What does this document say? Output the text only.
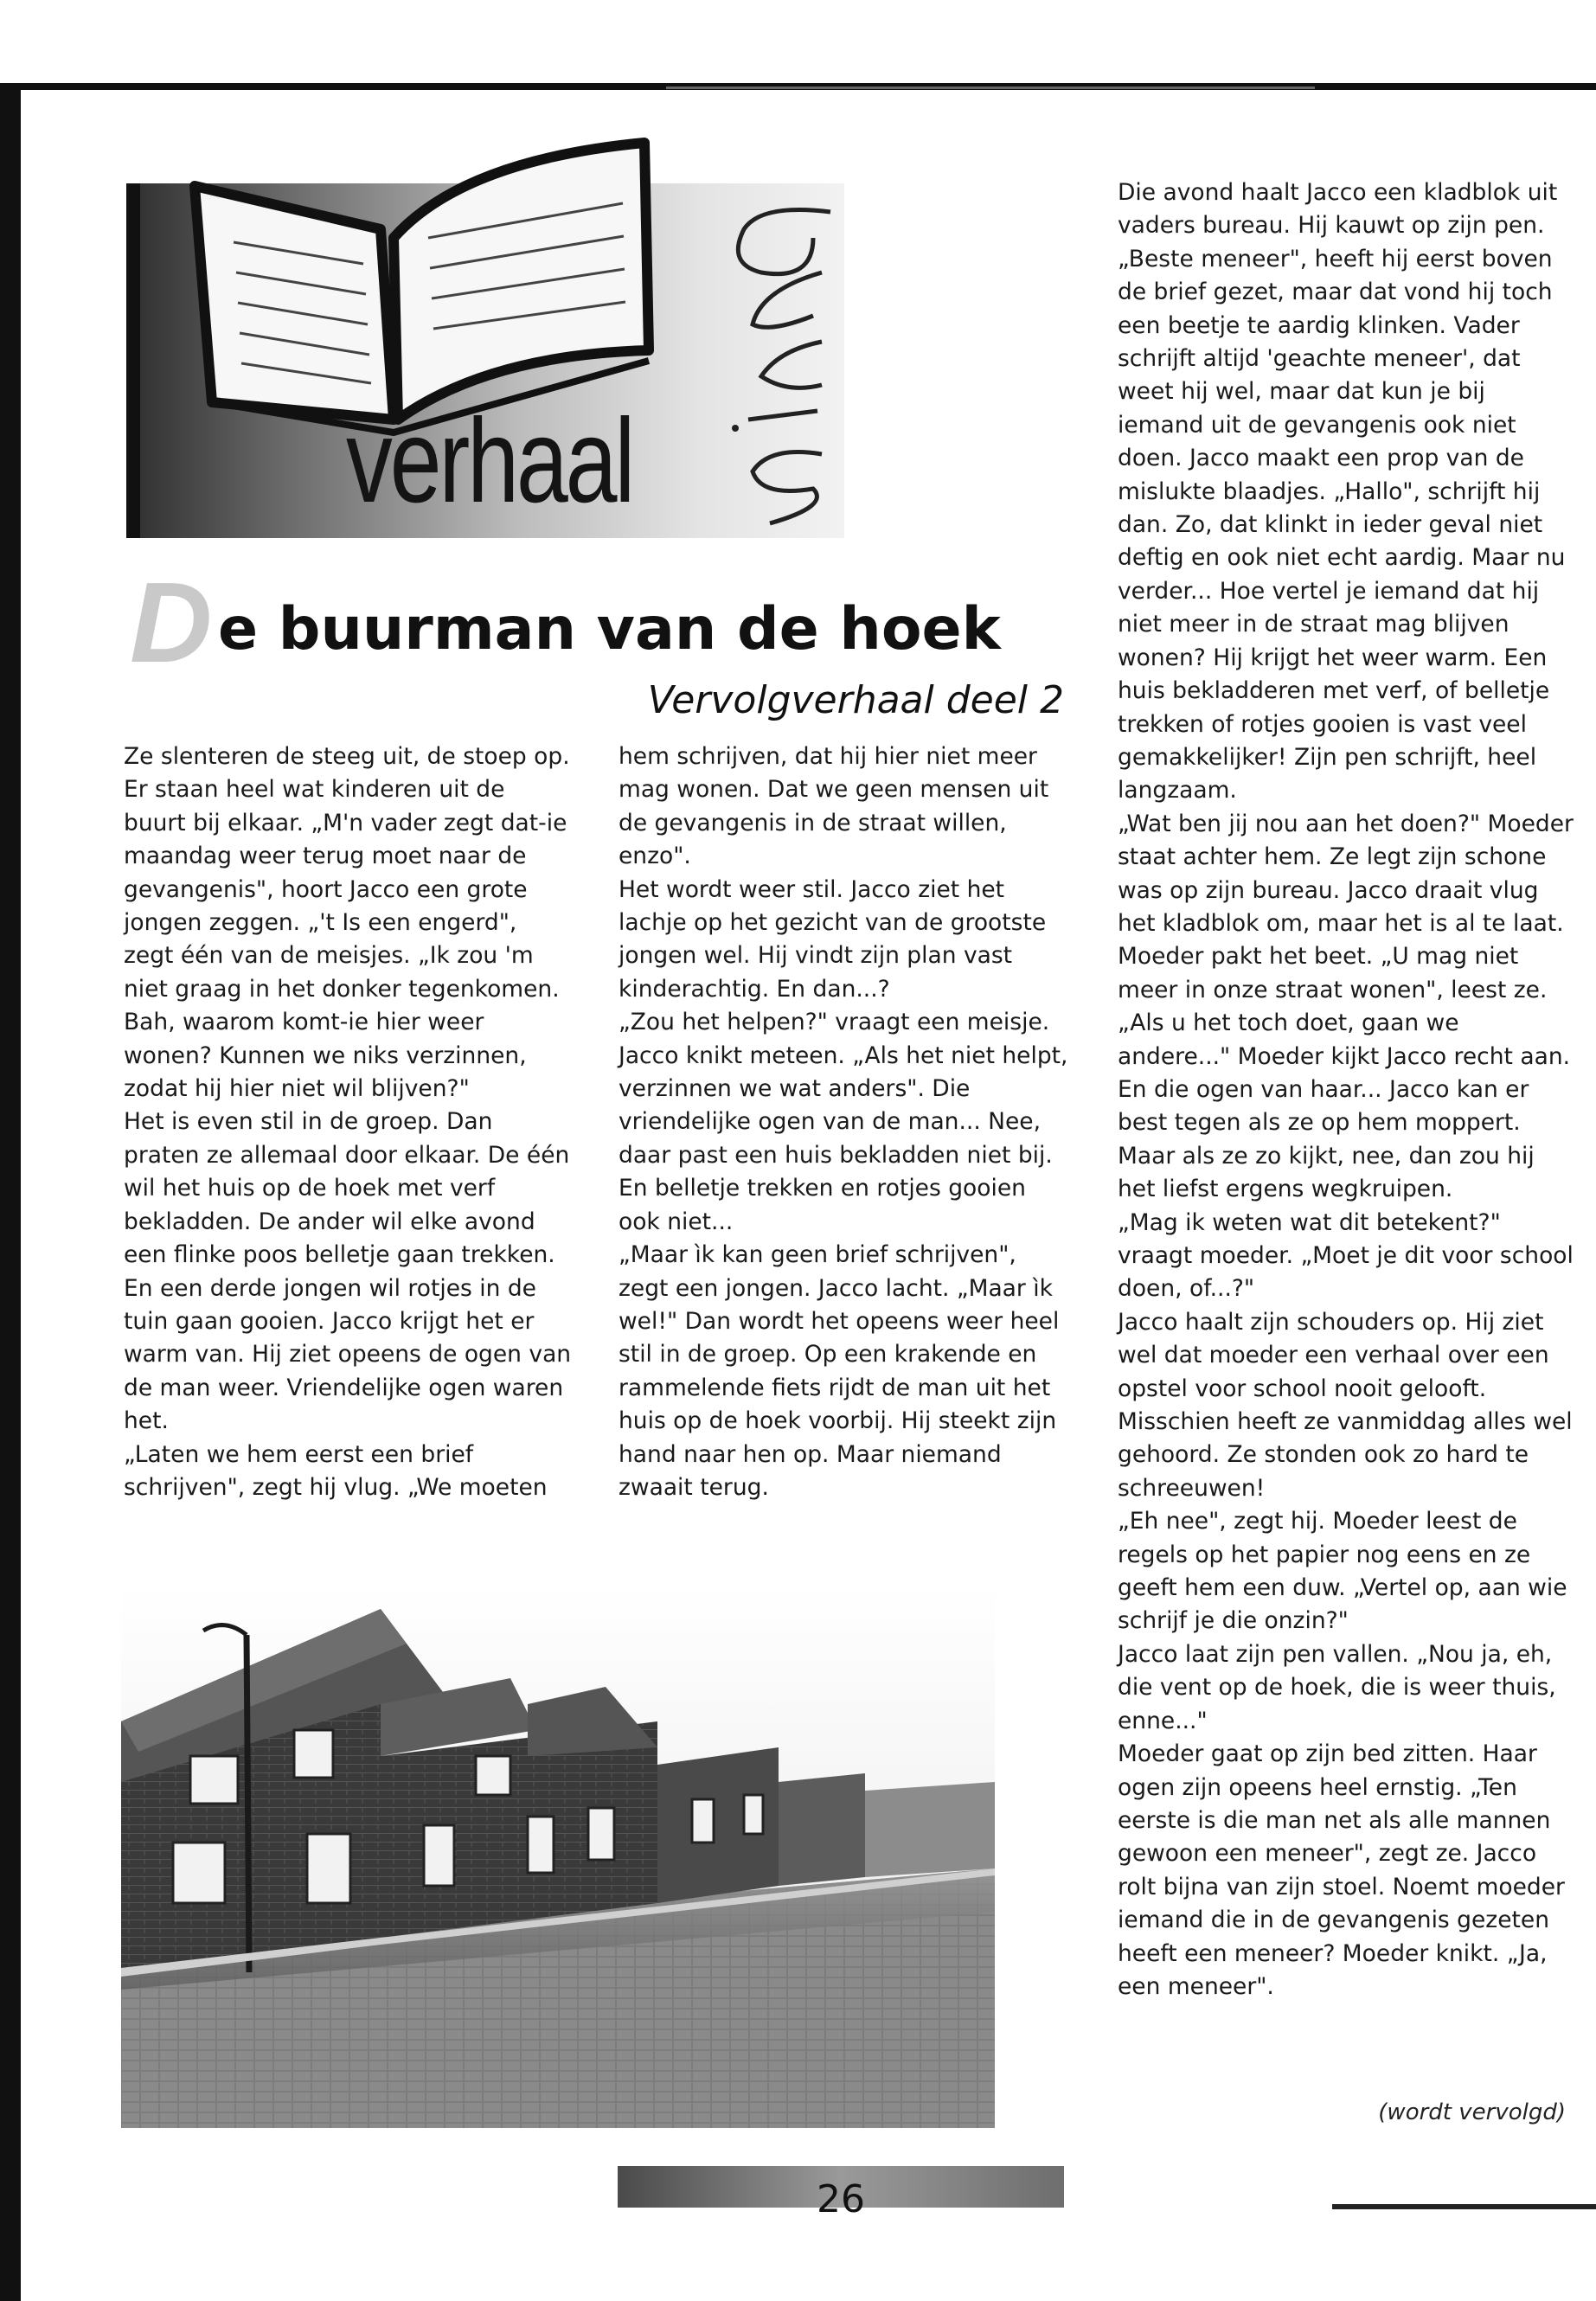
verhaal
D e buurman van de hoek
Vervolgverhaal deel 2

Ze slenteren de steeg uit, de stoep op. Er staan heel wat kinderen uit de buurt bij elkaar. „M'n vader zegt dat-ie maandag weer terug moet naar de gevangenis", hoort Jacco een grote jongen zeggen. „'t Is een engerd", zegt één van de meisjes. „Ik zou 'm niet graag in het donker tegenkomen. Bah, waarom komt-ie hier weer wonen? Kunnen we niks verzinnen, zodat hij hier niet wil blijven?"

Het is even stil in de groep. Dan praten ze allemaal door elkaar. De één wil het huis op de hoek met verf bekladden. De ander wil elke avond een flinke poos belletje gaan trekken. En een derde jongen wil rotjes in de tuin gaan gooien. Jacco krijgt het er warm van. Hij ziet opeens de ogen van de man weer. Vriendelijke ogen waren het.

„Laten we hem eerst een brief schrijven", zegt hij vlug. „We moeten

hem schrijven, dat hij hier niet meer mag wonen. Dat we geen mensen uit de gevangenis in de straat willen, enzo".

Het wordt weer stil. Jacco ziet het lachje op het gezicht van de grootste jongen wel. Hij vindt zijn plan vast kinderachtig. En dan...?

„Zou het helpen?" vraagt een meisje.

Jacco knikt meteen. „Als het niet helpt, verzinnen we wat anders". Die vriendelijke ogen van de man... Nee, daar past een huis bekladden niet bij. En belletje trekken en rotjes gooien ook niet...

„Maar ìk kan geen brief schrijven", zegt een jongen. Jacco lacht. „Maar ìk wel!" Dan wordt het opeens weer heel stil in de groep. Op een krakende en rammelende fiets rijdt de man uit het huis op de hoek voorbij. Hij steekt zijn hand naar hen op. Maar niemand zwaait terug.

Die avond haalt Jacco een kladblok uit vaders bureau. Hij kauwt op zijn pen. „Beste meneer", heeft hij eerst boven de brief gezet, maar dat vond hij toch een beetje te aardig klinken. Vader schrijft altijd 'geachte meneer', dat weet hij wel, maar dat kun je bij iemand uit de gevangenis ook niet doen. Jacco maakt een prop van de mislukte blaadjes. „Hallo", schrijft hij dan. Zo, dat klinkt in ieder geval niet deftig en ook niet echt aardig. Maar nu verder... Hoe vertel je iemand dat hij niet meer in de straat mag blijven wonen? Hij krijgt het weer warm. Een huis bekladderen met verf, of belletje trekken of rotjes gooien is vast veel gemakkelijker! Zijn pen schrijft, heel langzaam.

„Wat ben jij nou aan het doen?" Moeder staat achter hem. Ze legt zijn schone was op zijn bureau. Jacco draait vlug het kladblok om, maar het is al te laat. Moeder pakt het beet. „U mag niet meer in onze straat wonen", leest ze. „Als u het toch doet, gaan we andere..." Moeder kijkt Jacco recht aan. En die ogen van haar... Jacco kan er best tegen als ze op hem moppert. Maar als ze zo kijkt, nee, dan zou hij het liefst ergens wegkruipen.

„Mag ik weten wat dit betekent?" vraagt moeder. „Moet je dit voor school doen, of...?"

Jacco haalt zijn schouders op. Hij ziet wel dat moeder een verhaal over een opstel voor school nooit gelooft. Misschien heeft ze vanmiddag alles wel gehoord. Ze stonden ook zo hard te schreeuwen!

„Eh nee", zegt hij. Moeder leest de regels op het papier nog eens en ze geeft hem een duw. „Vertel op, aan wie schrijf je die onzin?"

Jacco laat zijn pen vallen. „Nou ja, eh, die vent op de hoek, die is weer thuis, enne..."

Moeder gaat op zijn bed zitten. Haar ogen zijn opeens heel ernstig. „Ten eerste is die man net als alle mannen gewoon een meneer", zegt ze. Jacco rolt bijna van zijn stoel. Noemt moeder iemand die in de gevangenis gezeten heeft een meneer? Moeder knikt. „Ja, een meneer".

(wordt vervolgd)
26
